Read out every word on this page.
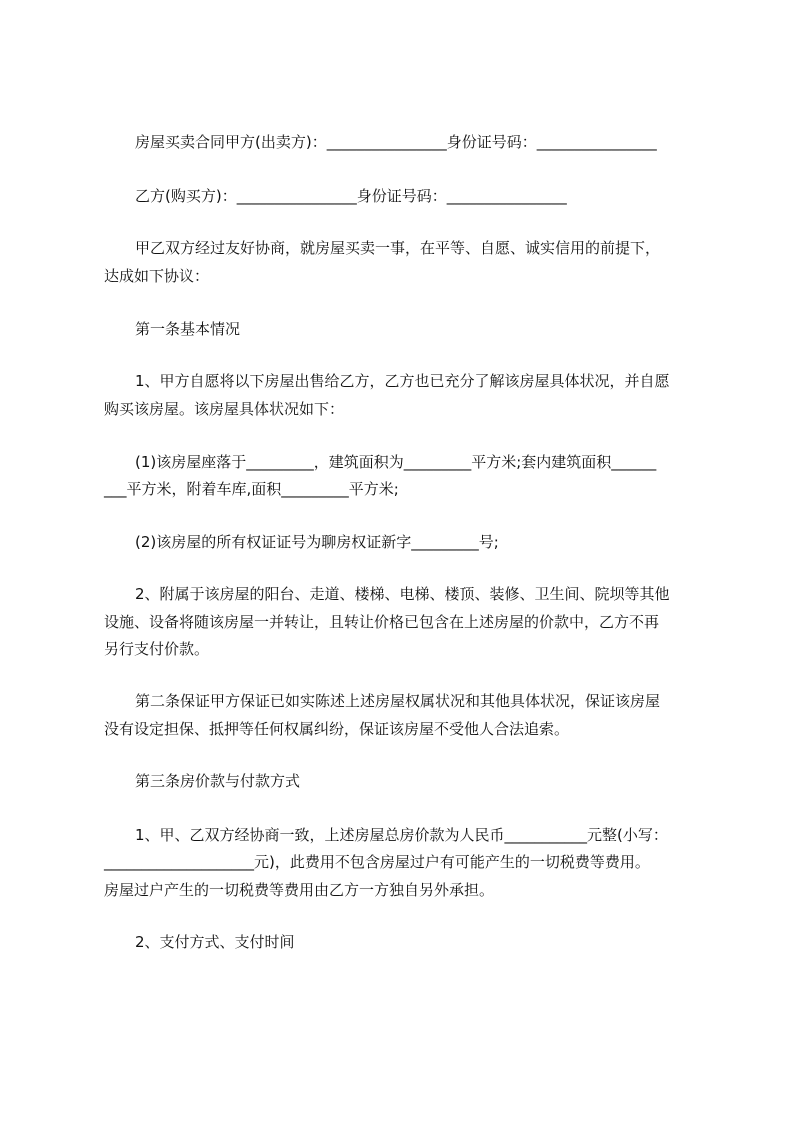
房屋买卖合同甲方(出卖方)：________________身份证号码：________________
乙方(购买方)：________________身份证号码：________________
甲乙双方经过友好协商，就房屋买卖一事，在平等、自愿、诚实信用的前提下，
达成如下协议：
第一条基本情况
1、甲方自愿将以下房屋出售给乙方，乙方也已充分了解该房屋具体状况，并自愿
购买该房屋。该房屋具体状况如下：
(1)该房屋座落于_________，建筑面积为_________平方米;套内建筑面积______
___平方米，附着车库,面积_________平方米;
(2)该房屋的所有权证证号为聊房权证新字_________号;
2、附属于该房屋的阳台、走道、楼梯、电梯、楼顶、装修、卫生间、院坝等其他
设施、设备将随该房屋一并转让，且转让价格已包含在上述房屋的价款中，乙方不再
另行支付价款。
第二条保证甲方保证已如实陈述上述房屋权属状况和其他具体状况，保证该房屋
没有设定担保、抵押等任何权属纠纷，保证该房屋不受他人合法追索。
第三条房价款与付款方式
1、甲、乙双方经协商一致，上述房屋总房价款为人民币___________元整(小写：
____________________元)，此费用不包含房屋过户有可能产生的一切税费等费用。
房屋过户产生的一切税费等费用由乙方一方独自另外承担。
2、支付方式、支付时间
